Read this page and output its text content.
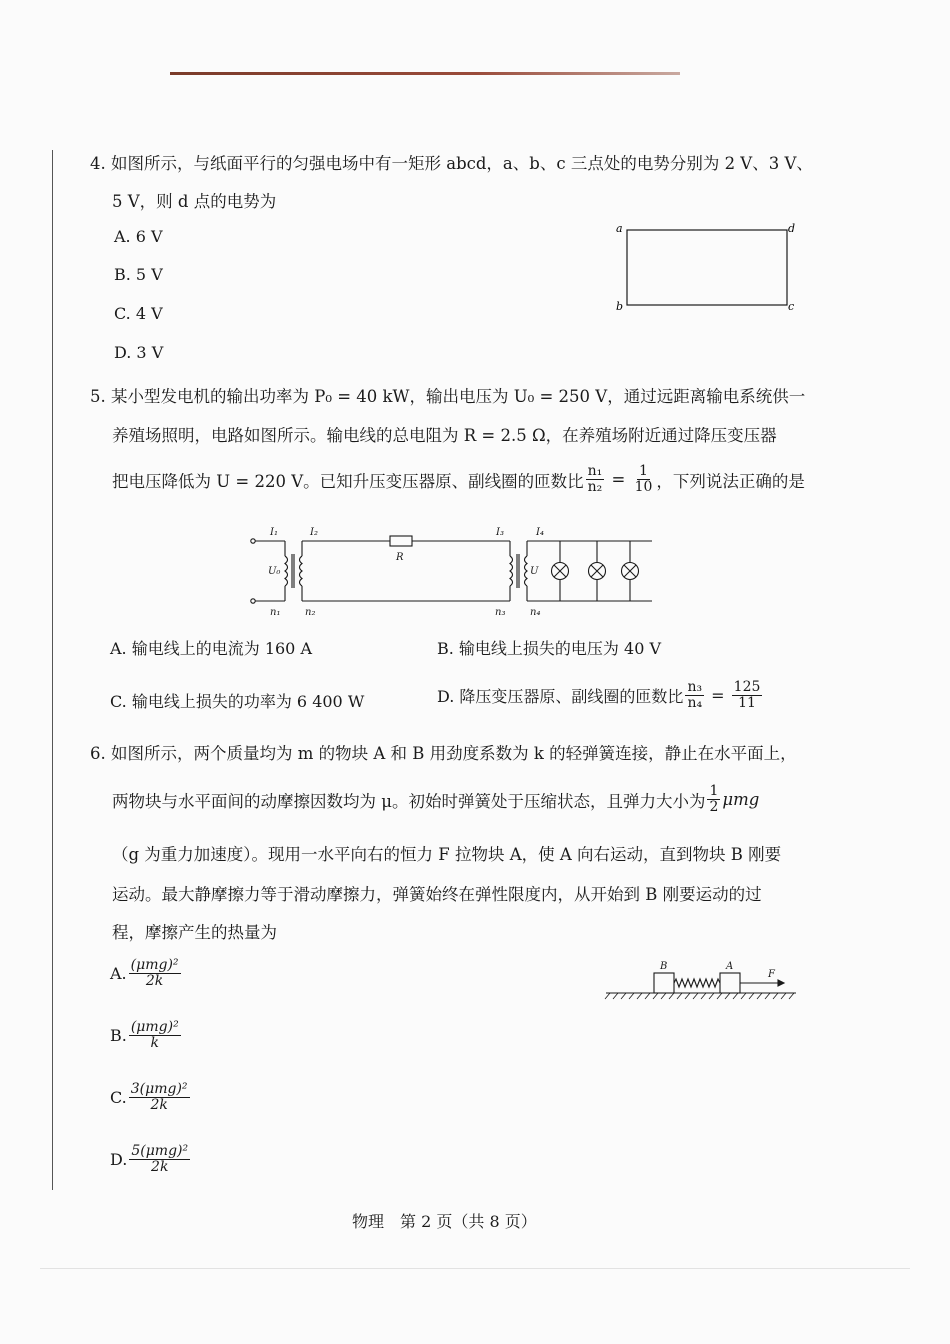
4. 如图所示，与纸面平行的匀强电场中有一矩形 abcd，a、b、c 三点处的电势分别为 2 V、3 V、
5 V，则 d 点的电势为
A. 6 V
B. 5 V
C. 4 V
D. 3 V
a	d
b	c
5. 某小型发电机的输出功率为 P₀ = 40 kW，输出电压为 U₀ = 250 V，通过远距离输电系统供一
养殖场照明，电路如图所示。输电线的总电阻为 R = 2.5 Ω，在养殖场附近通过降压变压器
把电压降低为 U = 220 V。已知升压变压器原、副线圈的匝数比 $\frac{\text{n₁}}{\text{n₂}} = \frac{1}{10}$ ，下列说法正确的是
I₁	I₂
R
I₃	I₄
U₀	U
n₁ n₂	n₃ n₄
A. 输电线上的电流为 160 A	B. 输电线上损失的电压为 40 V
C. 输电线上损失的功率为 6 400 W	D. 降压变压器原、副线圈的匝数比 $\frac{\text{n₃}}{\text{n₄}} = \frac{125}{11}$
6. 如图所示，两个质量均为 m 的物块 A 和 B 用劲度系数为 k 的轻弹簧连接，静止在水平面上，
两物块与水平面间的动摩擦因数均为 μ。初始时弹簧处于压缩状态，且弹力大小为 $\frac{1}{2}$ μmg
（g 为重力加速度）。现用一水平向右的恒力 F 拉物块 A，使 A 向右运动，直到物块 B 刚要
运动。最大静摩擦力等于滑动摩擦力，弹簧始终在弹性限度内，从开始到 B 刚要运动的过
程，摩擦产生的热量为
A. $\frac{\text{(μmg)²}}{2k}$
B. $\frac{\text{(μmg)²}}{k}$
C. $\frac{\text{3(μmg)²}}{2k}$
D. $\frac{\text{5(μmg)²}}{2k}$
B	A
F
物理　第 2 页（共 8 页）
